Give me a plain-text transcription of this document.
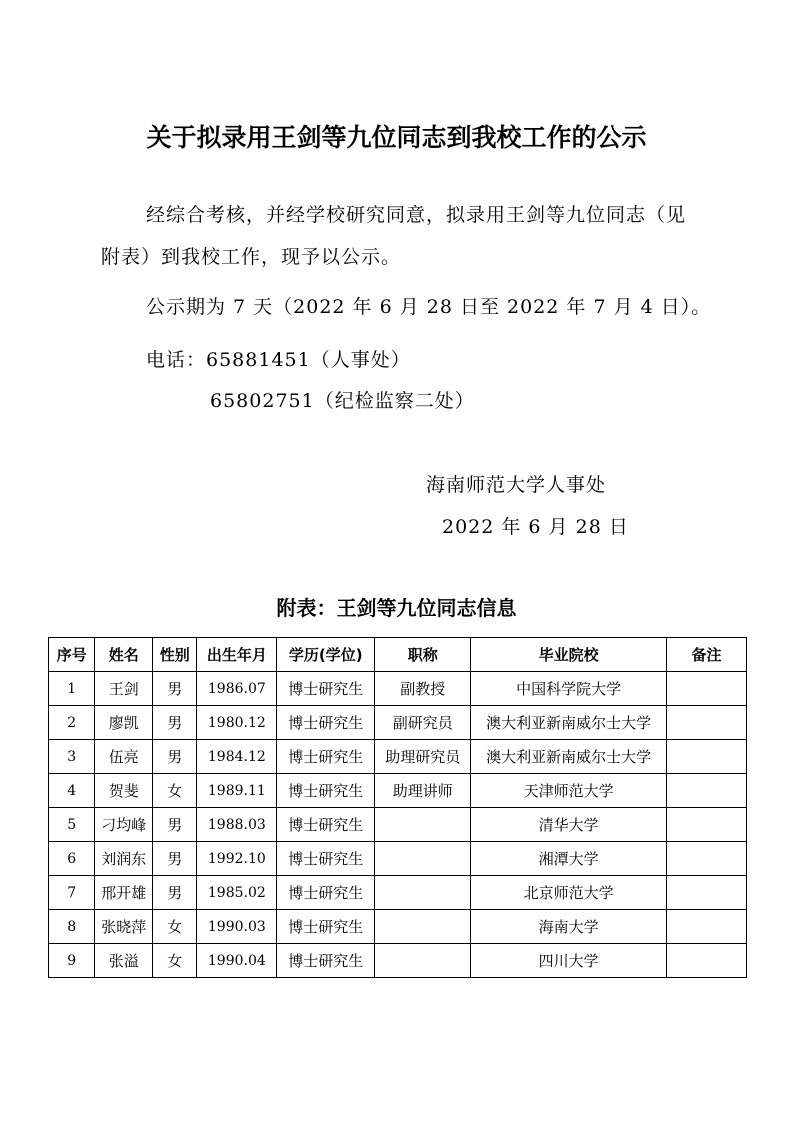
关于拟录用王剑等九位同志到我校工作的公示
经综合考核，并经学校研究同意，拟录用王剑等九位同志（见
附表）到我校工作，现予以公示。
公示期为 7 天（2022 年 6 月 28 日至 2022 年 7 月 4 日）。
电话：65881451（人事处）
65802751（纪检监察二处）
海南师范大学人事处
2022 年 6 月 28 日
附表：王剑等九位同志信息
序号	姓名	性别	出生年月	学历(学位)	职称	毕业院校	备注
1	王剑	男	1986.07	博士研究生	副教授	中国科学院大学	
2	廖凯	男	1980.12	博士研究生	副研究员	澳大利亚新南威尔士大学	
3	伍亮	男	1984.12	博士研究生	助理研究员	澳大利亚新南威尔士大学	
4	贺斐	女	1989.11	博士研究生	助理讲师	天津师范大学	
5	刁均峰	男	1988.03	博士研究生		清华大学	
6	刘润东	男	1992.10	博士研究生		湘潭大学	
7	邢开雄	男	1985.02	博士研究生		北京师范大学	
8	张晓萍	女	1990.03	博士研究生		海南大学	
9	张溢	女	1990.04	博士研究生		四川大学	
